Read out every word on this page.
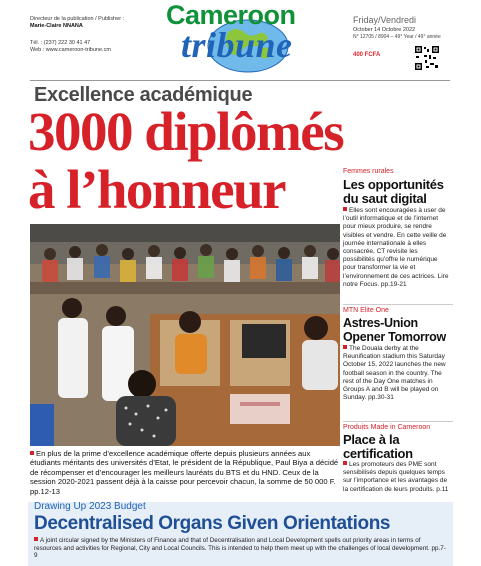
Directeur de la publication / Publisher :
Marie-Claire NNANA
Tél. : (237) 222 30 41 47
Web : www.cameroon-tribune.cm
Cameroon
tribune
Friday/Vendredi
October 14 Octobre 2022
N° 12705 / 8904 – 49° Year / 49° année
400 FCFA
Excellence académique
3000 diplômés
à l’honneur	Femmes rurales
Les opportunités
du saut digital
Elles sont encouragées à user de l’outil informatique et de l’internet pour mieux produire, se rendre visibles et vendre. En cette veille de journée internationale à elles consacrée, CT revisite les possibilités qu’offre le numérique pour transformer la vie et l’environnement de ces actrices. Lire notre Focus. pp.19-21
MTN Elite One
Astres-Union
Opener Tomorrow
The Douala derby at the Reunification stadium this Saturday October 15, 2022 launches the new football season in the country. The rest of the Day One matches in Groups A and B will be played on Sunday. pp.30-31
Produits Made in Cameroon
Place à la
certification
Les promoteurs des PME sont sensibilisés depuis quelques temps sur l’importance et les avantages de la certification de leurs produits. p.11
En plus de la prime d’excellence académique offerte depuis plusieurs années aux étudiants méritants des universités d’Etat, le président de la République, Paul Biya a décidé de récompenser et d’encourager les meilleurs lauréats du BTS et du HND. Ceux de la session 2020-2021 passent déjà à la caisse pour percevoir chacun, la somme de 50 000 F. pp.12-13
Drawing Up 2023 Budget
Decentralised Organs Given Orientations
A joint circular signed by the Ministers of Finance and that of Decentralisation and Local Development spells out priority areas in terms of resources and activities for Regional, City and Local Councils. This is intended to help them meet up with the challenges of local development. pp.7-9
